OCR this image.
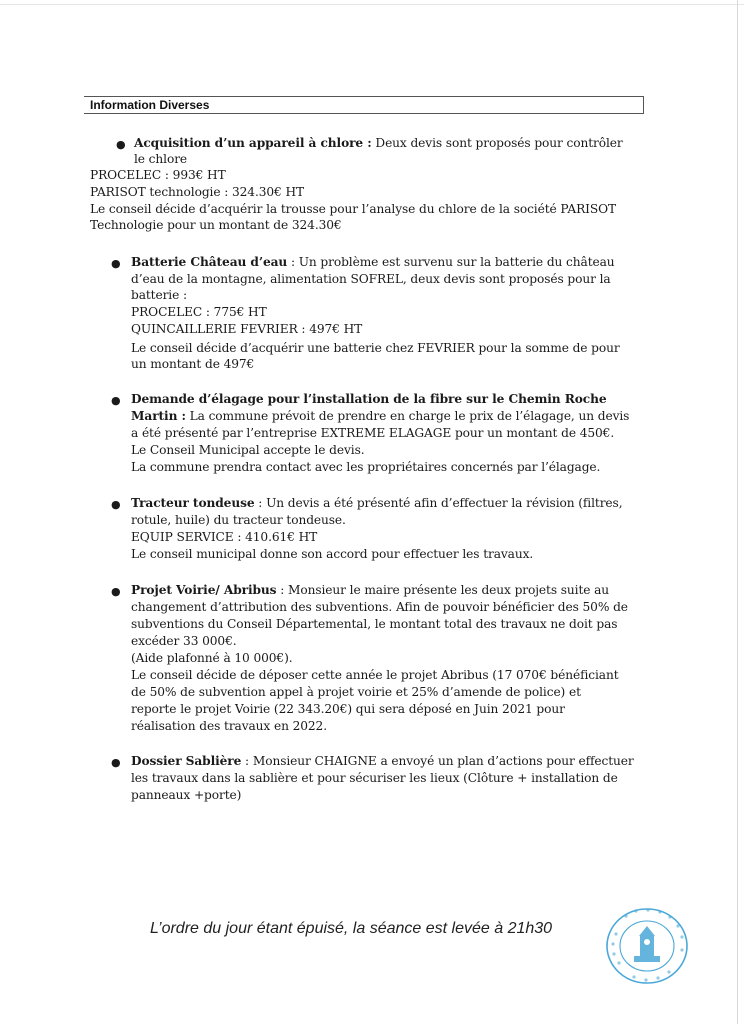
Information Diverses
● Acquisition d’un appareil à chlore : Deux devis sont proposés pour contrôler
le chlore
PROCELEC : 993€ HT
PARISOT technologie : 324.30€ HT
Le conseil décide d’acquérir la trousse pour l’analyse du chlore de la société PARISOT
Technologie pour un montant de 324.30€
● Batterie Château d’eau : Un problème est survenu sur la batterie du château
d’eau de la montagne, alimentation SOFREL, deux devis sont proposés pour la
batterie :
PROCELEC : 775€ HT
QUINCAILLERIE FEVRIER : 497€ HT
Le conseil décide d’acquérir une batterie chez FEVRIER pour la somme de pour
un montant de 497€
● Demande d’élagage pour l’installation de la fibre sur le Chemin Roche
Martin : La commune prévoit de prendre en charge le prix de l’élagage, un devis
a été présenté par l’entreprise EXTREME ELAGAGE pour un montant de 450€.
Le Conseil Municipal accepte le devis.
La commune prendra contact avec les propriétaires concernés par l’élagage.
● Tracteur tondeuse : Un devis a été présenté afin d’effectuer la révision (filtres,
rotule, huile) du tracteur tondeuse.
EQUIP SERVICE : 410.61€ HT
Le conseil municipal donne son accord pour effectuer les travaux.
● Projet Voirie/ Abribus : Monsieur le maire présente les deux projets suite au
changement d’attribution des subventions. Afin de pouvoir bénéficier des 50% de
subventions du Conseil Départemental, le montant total des travaux ne doit pas
excéder 33 000€.
(Aide plafonné à 10 000€).
Le conseil décide de déposer cette année le projet Abribus (17 070€ bénéficiant
de 50% de subvention appel à projet voirie et 25% d’amende de police) et
reporte le projet Voirie (22 343.20€) qui sera déposé en Juin 2021 pour
réalisation des travaux en 2022.
● Dossier Sablière : Monsieur CHAIGNE a envoyé un plan d’actions pour effectuer
les travaux dans la sablière et pour sécuriser les lieux (Clôture + installation de
panneaux +porte)
L’ordre du jour étant épuisé, la séance est levée à 21h30
